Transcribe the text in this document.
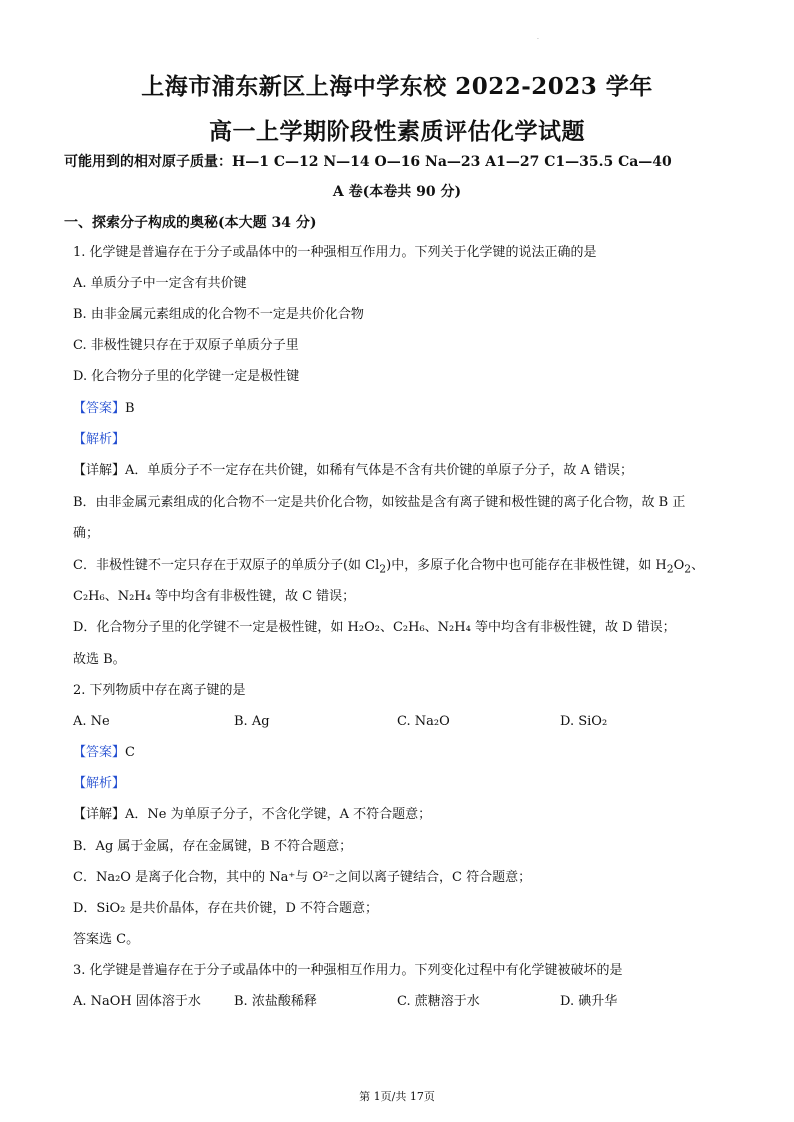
.
上海市浦东新区上海中学东校 2022-2023 学年
高一上学期阶段性素质评估化学试题
可能用到的相对原子质量：H—1 C—12 N—14 O—16 Na—23 A1—27 C1—35.5 Ca—40
A 卷(本卷共 90 分)
一、探索分子构成的奥秘(本大题 34 分)
1. 化学键是普遍存在于分子或晶体中的一种强相互作用力。下列关于化学键的说法正确的是
A. 单质分子中一定含有共价键
B. 由非金属元素组成的化合物不一定是共价化合物
C. 非极性键只存在于双原子单质分子里
D. 化合物分子里的化学键一定是极性键
【答案】B
【解析】
【详解】A．单质分子不一定存在共价键，如稀有气体是不含有共价键的单原子分子，故 A 错误；
B．由非金属元素组成的化合物不一定是共价化合物，如铵盐是含有离子键和极性键的离子化合物，故 B 正
确；
C．非极性键不一定只存在于双原子的单质分子(如 $Cl_2$)中，多原子化合物中也可能存在非极性键，如 $H_2O_2$、
C₂H₆、N₂H₄ 等中均含有非极性键，故 C 错误；
D．化合物分子里的化学键不一定是极性键，如 H₂O₂、C₂H₆、N₂H₄ 等中均含有非极性键，故 D 错误；
故选 B。
2. 下列物质中存在离子键的是
A. Ne	B. Ag	C. Na₂O	D. SiO₂
【答案】C
【解析】
【详解】A．Ne 为单原子分子，不含化学键，A 不符合题意；
B．Ag 属于金属，存在金属键，B 不符合题意；
C．Na₂O 是离子化合物，其中的 Na⁺与 O²⁻之间以离子键结合，C 符合题意；
D．SiO₂ 是共价晶体，存在共价键，D 不符合题意；
答案选 C。
3. 化学键是普遍存在于分子或晶体中的一种强相互作用力。下列变化过程中有化学键被破坏的是
A. NaOH 固体溶于水	B. 浓盐酸稀释	C. 蔗糖溶于水	D. 碘升华
第 1页/共 17页
